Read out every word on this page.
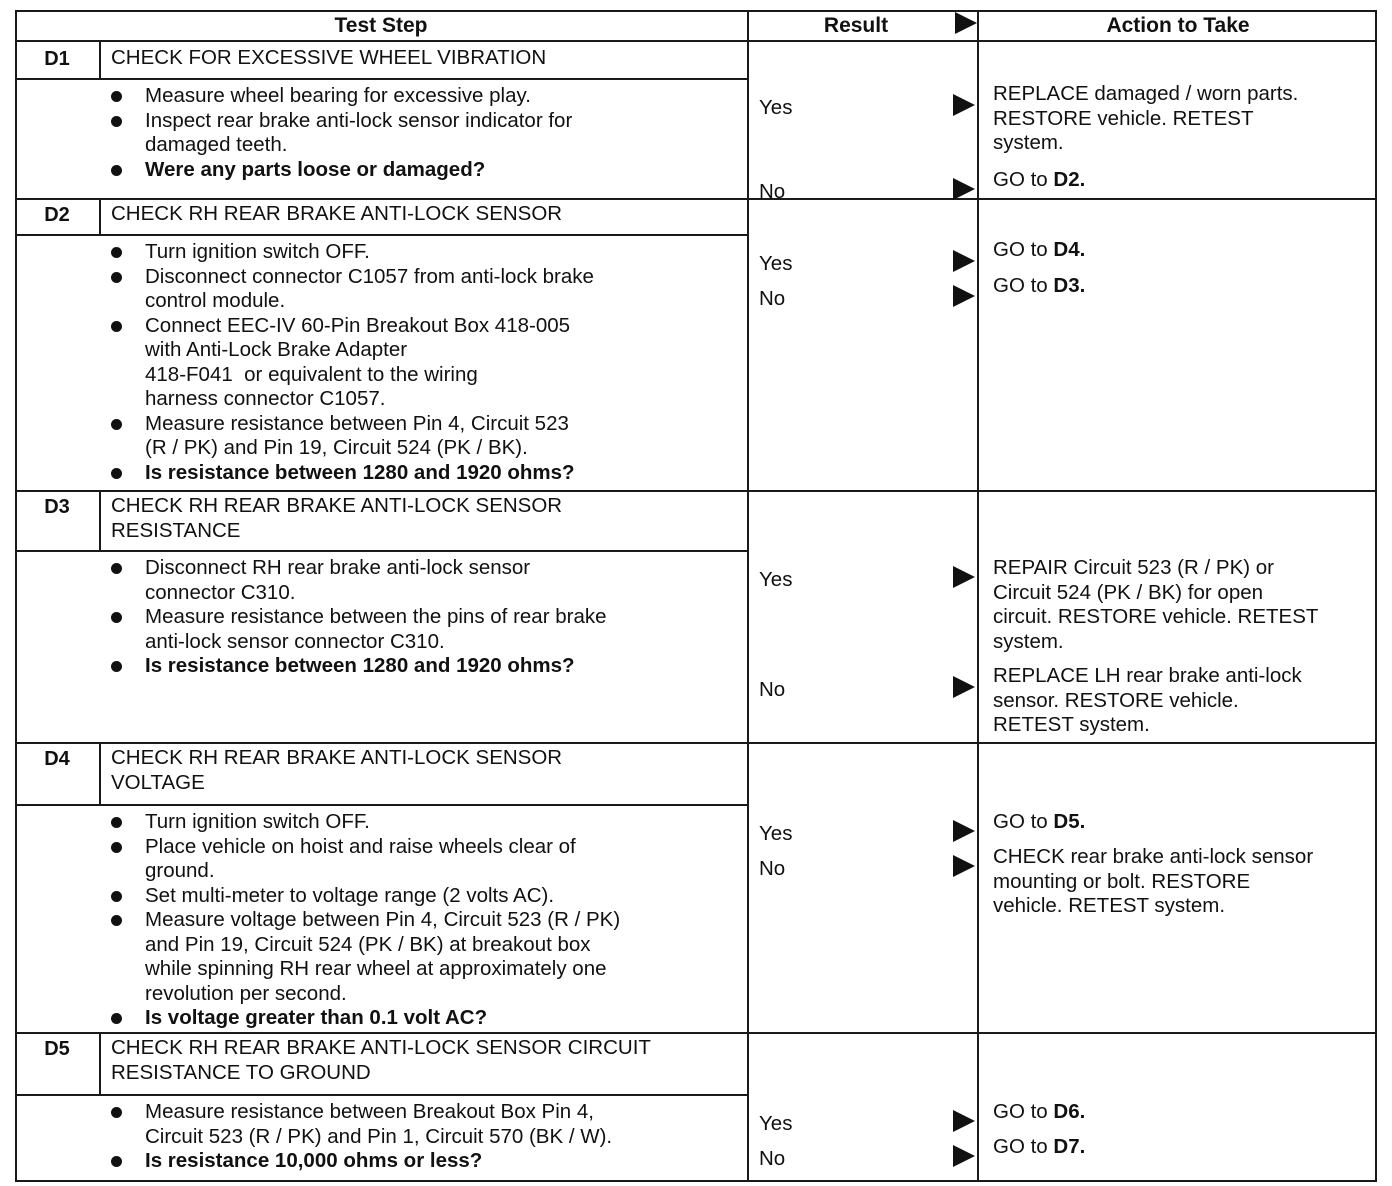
Test Step	Result	Action to Take
D1	CHECK FOR EXCESSIVE WHEEL VIBRATION
Measure wheel bearing for excessive play.
Inspect rear brake anti-lock sensor indicator for
damaged teeth.
Were any parts loose or damaged?
Yes
REPLACE damaged / worn parts.
RESTORE vehicle. RETEST
system.
No
GO to D2.
D2	CHECK RH REAR BRAKE ANTI-LOCK SENSOR
Turn ignition switch OFF.
Disconnect connector C1057 from anti-lock brake
control module.
Connect EEC-IV 60-Pin Breakout Box 418-005
with Anti-Lock Brake Adapter
418-F041  or equivalent to the wiring
harness connector C1057.
Measure resistance between Pin 4, Circuit 523
(R / PK) and Pin 19, Circuit 524 (PK / BK).
Is resistance between 1280 and 1920 ohms?
Yes
GO to D4.
No
GO to D3.
D3	CHECK RH REAR BRAKE ANTI-LOCK SENSOR
RESISTANCE
Disconnect RH rear brake anti-lock sensor
connector C310.
Measure resistance between the pins of rear brake
anti-lock sensor connector C310.
Is resistance between 1280 and 1920 ohms?
Yes
REPAIR Circuit 523 (R / PK) or
Circuit 524 (PK / BK) for open
circuit. RESTORE vehicle. RETEST
system.
No
REPLACE LH rear brake anti-lock
sensor. RESTORE vehicle.
RETEST system.
D4	CHECK RH REAR BRAKE ANTI-LOCK SENSOR
VOLTAGE
Turn ignition switch OFF.
Place vehicle on hoist and raise wheels clear of
ground.
Set multi-meter to voltage range (2 volts AC).
Measure voltage between Pin 4, Circuit 523 (R / PK)
and Pin 19, Circuit 524 (PK / BK) at breakout box
while spinning RH rear wheel at approximately one
revolution per second.
Is voltage greater than 0.1 volt AC?
Yes
GO to D5.
No
CHECK rear brake anti-lock sensor
mounting or bolt. RESTORE
vehicle. RETEST system.
D5	CHECK RH REAR BRAKE ANTI-LOCK SENSOR CIRCUIT
RESISTANCE TO GROUND
Measure resistance between Breakout Box Pin 4,
Circuit 523 (R / PK) and Pin 1, Circuit 570 (BK / W).
Is resistance 10,000 ohms or less?
Yes
GO to D6.
No
GO to D7.
